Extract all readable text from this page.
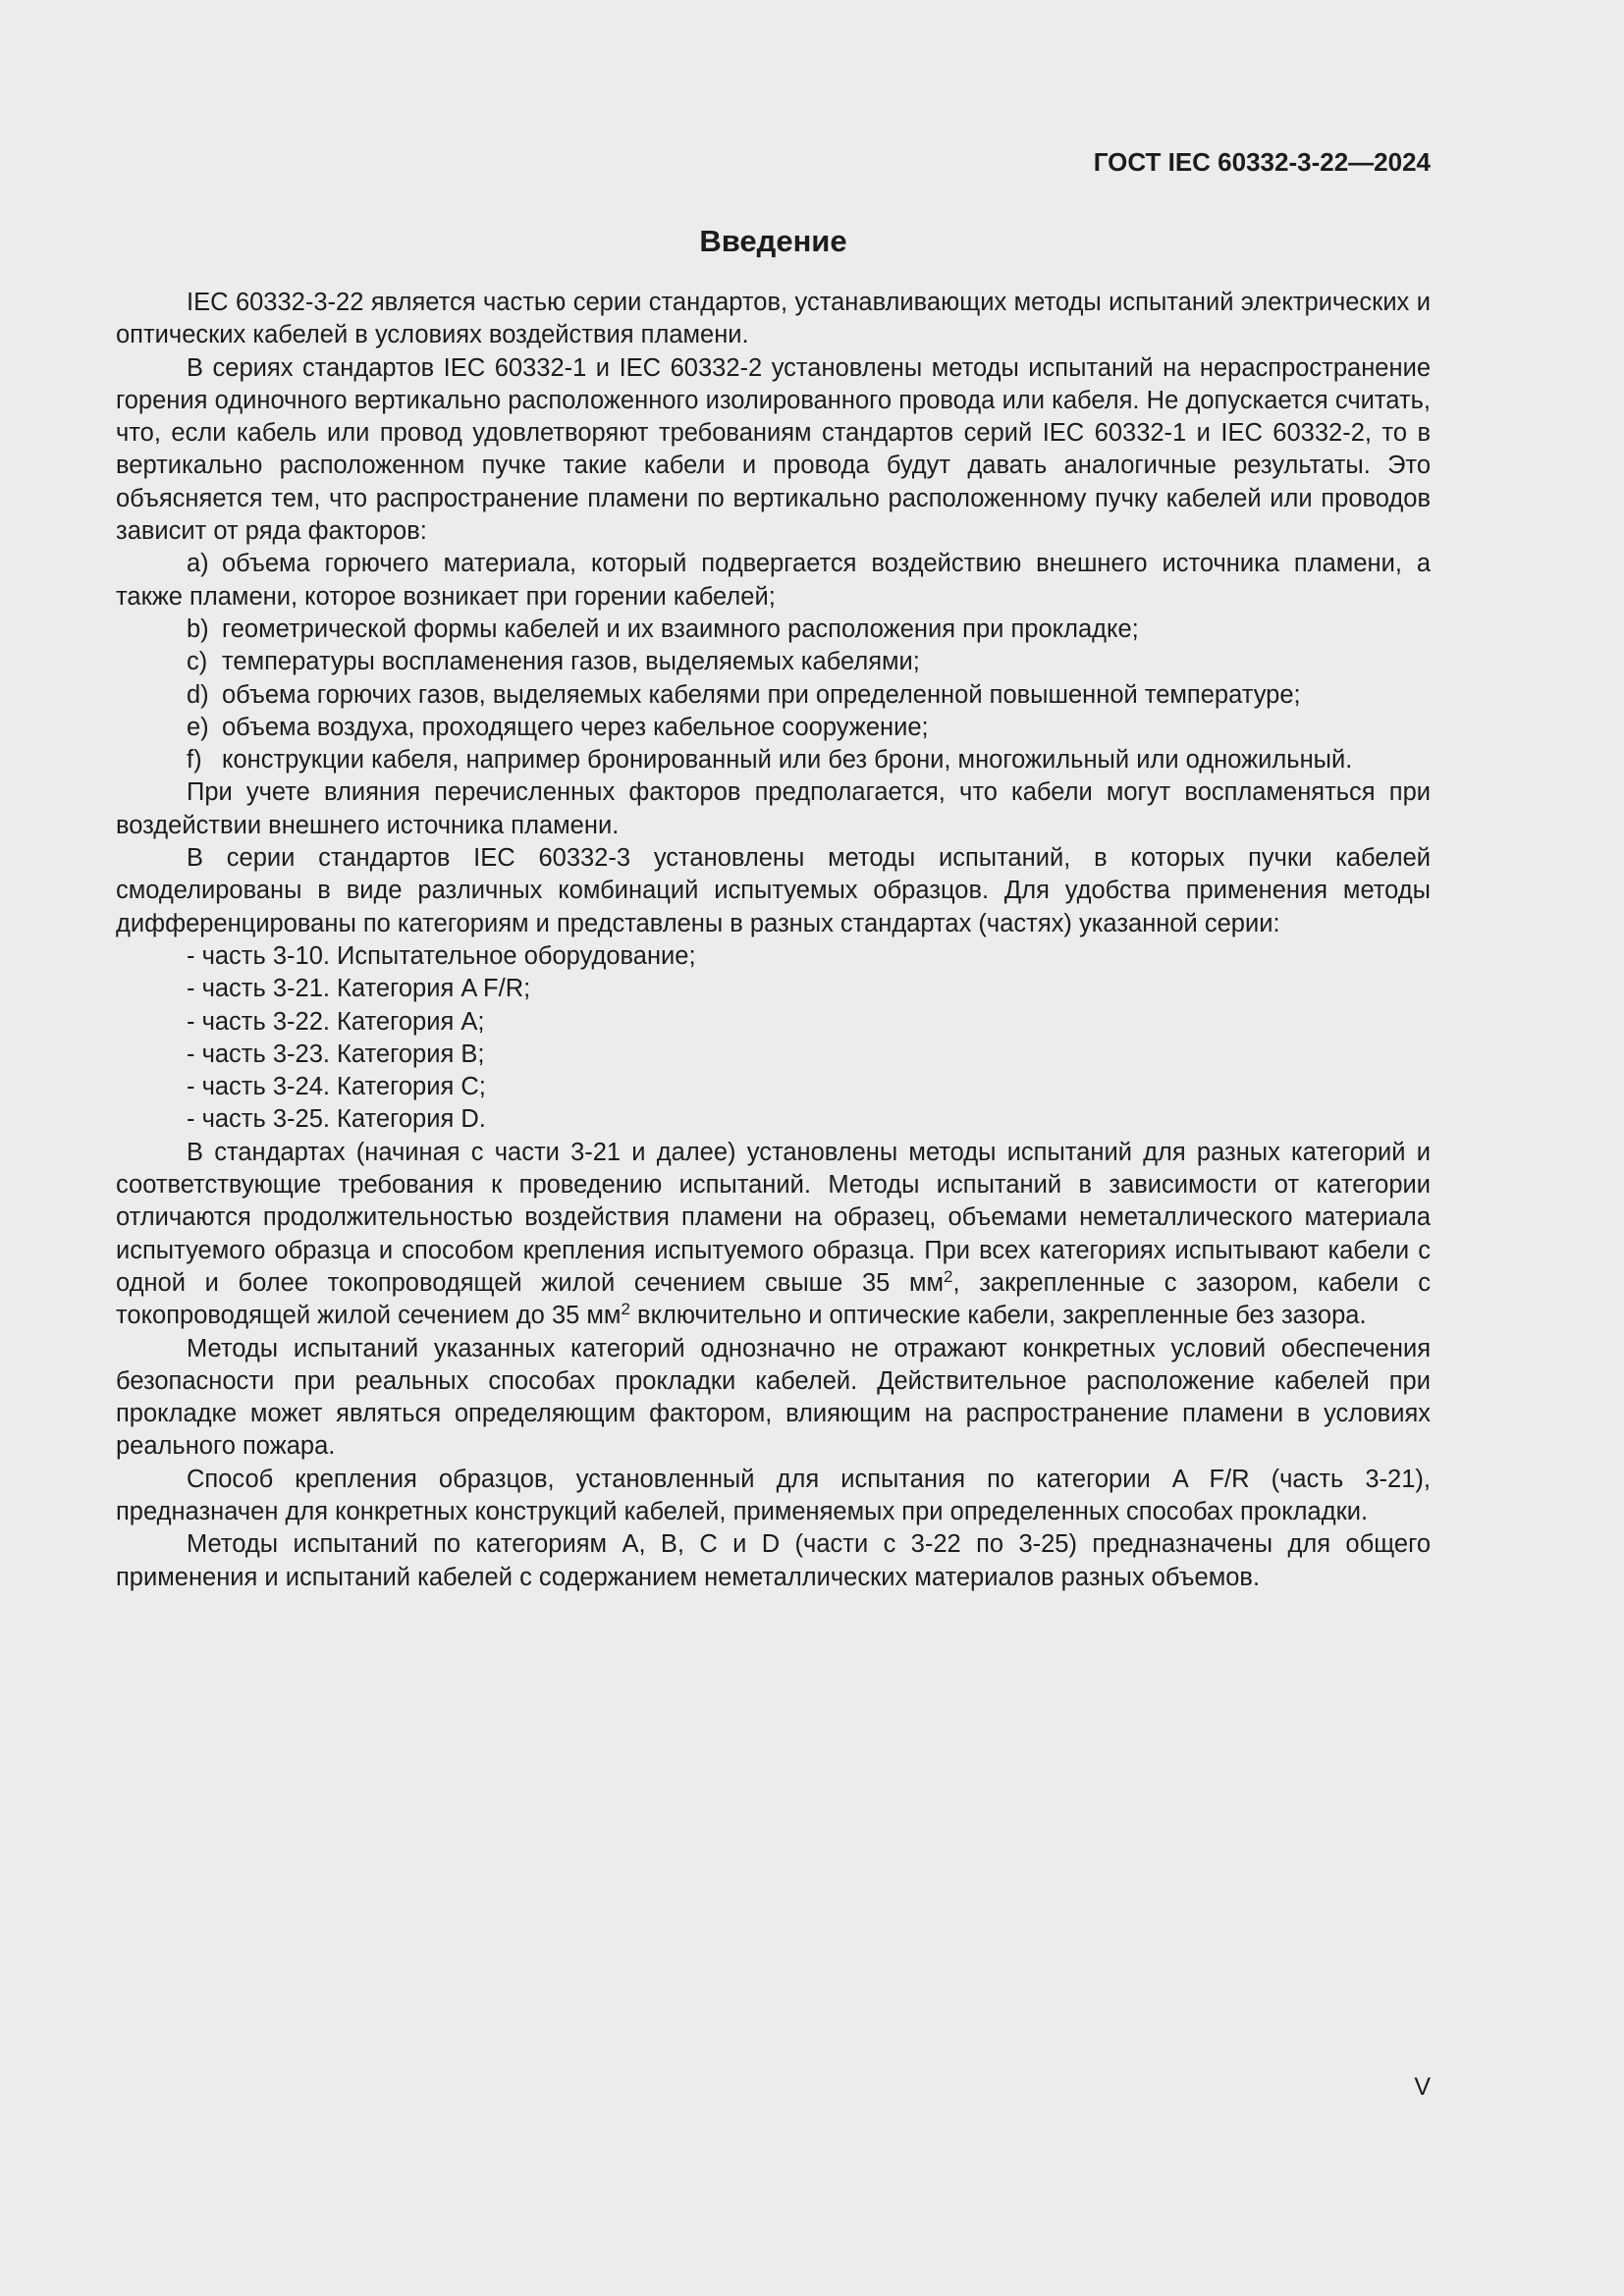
ГОСТ IEC 60332-3-22—2024
Введение

IEC 60332-3-22 является частью серии стандартов, устанавливающих методы испытаний электрических и оптических кабелей в условиях воздействия пламени.

В сериях стандартов IEC 60332-1 и IEC 60332-2 установлены методы испытаний на нераспространение горения одиночного вертикально расположенного изолированного провода или кабеля. Не допускается считать, что, если кабель или провод удовлетворяют требованиям стандартов серий IEC 60332-1 и IEC 60332-2, то в вертикально расположенном пучке такие кабели и провода будут давать аналогичные результаты. Это объясняется тем, что распространение пламени по вертикально расположенному пучку кабелей или проводов зависит от ряда факторов:

а) объема горючего материала, который подвергается воздействию внешнего источника пламени, а также пламени, которое возникает при горении кабелей;

b) геометрической формы кабелей и их взаимного расположения при прокладке;

c) температуры воспламенения газов, выделяемых кабелями;

d) объема горючих газов, выделяемых кабелями при определенной повышенной температуре;

e) объема воздуха, проходящего через кабельное сооружение;

f) конструкции кабеля, например бронированный или без брони, многожильный или одножильный.

При учете влияния перечисленных факторов предполагается, что кабели могут воспламеняться при воздействии внешнего источника пламени.

В серии стандартов IEC 60332-3 установлены методы испытаний, в которых пучки кабелей смоделированы в виде различных комбинаций испытуемых образцов. Для удобства применения методы дифференцированы по категориям и представлены в разных стандартах (частях) указанной серии:

- часть 3-10. Испытательное оборудование;

- часть 3-21. Категория A F/R;

- часть 3-22. Категория А;

- часть 3-23. Категория В;

- часть 3-24. Категория С;

- часть 3-25. Категория D.

В стандартах (начиная с части 3-21 и далее) установлены методы испытаний для разных категорий и соответствующие требования к проведению испытаний. Методы испытаний в зависимости от категории отличаются продолжительностью воздействия пламени на образец, объемами неметаллического материала испытуемого образца и способом крепления испытуемого образца. При всех категориях испытывают кабели с одной и более токопроводящей жилой сечением свыше 35 $мм^2$, закрепленные с зазором, кабели с токопроводящей жилой сечением до 35 $мм^2$ включительно и оптические кабели, закрепленные без зазора.

Методы испытаний указанных категорий однозначно не отражают конкретных условий обеспечения безопасности при реальных способах прокладки кабелей. Действительное расположение кабелей при прокладке может являться определяющим фактором, влияющим на распространение пламени в условиях реального пожара.

Способ крепления образцов, установленный для испытания по категории A F/R (часть 3-21), предназначен для конкретных конструкций кабелей, применяемых при определенных способах прокладки.

Методы испытаний по категориям А, B, C и D (части с 3-22 по 3-25) предназначены для общего применения и испытаний кабелей с содержанием неметаллических материалов разных объемов.

V
